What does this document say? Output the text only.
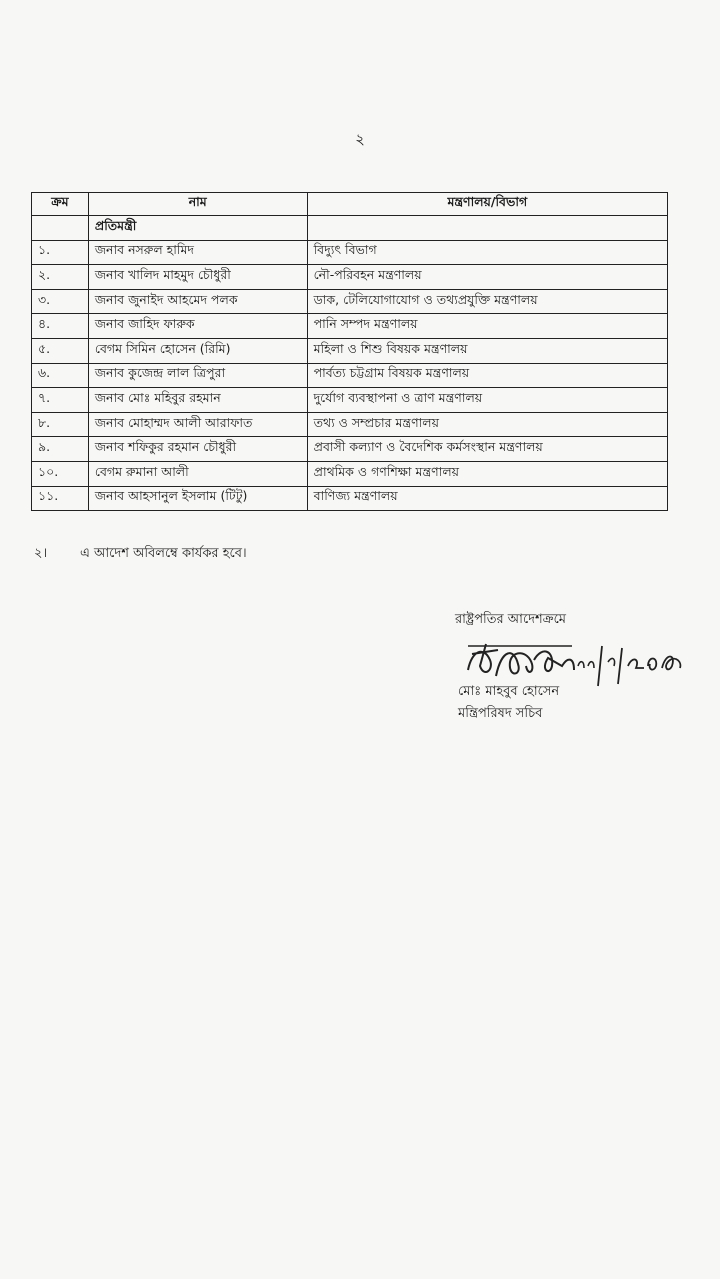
২
ক্রম	নাম	মন্ত্রণালয়/বিভাগ
	প্রতিমন্ত্রী	
১.	জনাব নসরুল হামিদ	বিদ্যুৎ বিভাগ
২.	জনাব খালিদ মাহমুদ চৌধুরী	নৌ-পরিবহন মন্ত্রণালয়
৩.	জনাব জুনাইদ আহমেদ পলক	ডাক, টেলিযোগাযোগ ও তথ্যপ্রযুক্তি মন্ত্রণালয়
৪.	জনাব জাহিদ ফারুক	পানি সম্পদ মন্ত্রণালয়
৫.	বেগম সিমিন হোসেন (রিমি)	মহিলা ও শিশু বিষয়ক মন্ত্রণালয়
৬.	জনাব কুজেন্দ্র লাল ত্রিপুরা	পার্বত্য চট্টগ্রাম বিষয়ক মন্ত্রণালয়
৭.	জনাব মোঃ মহিবুর রহমান	দুর্যোগ ব্যবস্থাপনা ও ত্রাণ মন্ত্রণালয়
৮.	জনাব মোহাম্মদ আলী আরাফাত	তথ্য ও সম্প্রচার মন্ত্রণালয়
৯.	জনাব শফিকুর রহমান চৌধুরী	প্রবাসী কল্যাণ ও বৈদেশিক কর্মসংস্থান মন্ত্রণালয়
১০.	বেগম রুমানা আলী	প্রাথমিক ও গণশিক্ষা মন্ত্রণালয়
১১.	জনাব আহসানুল ইসলাম (টিটু)	বাণিজ্য মন্ত্রণালয়
২।	এ আদেশ অবিলম্বে কার্যকর হবে।
রাষ্ট্রপতির আদেশক্রমে
মোঃ মাহবুব হোসেন
মন্ত্রিপরিষদ সচিব
